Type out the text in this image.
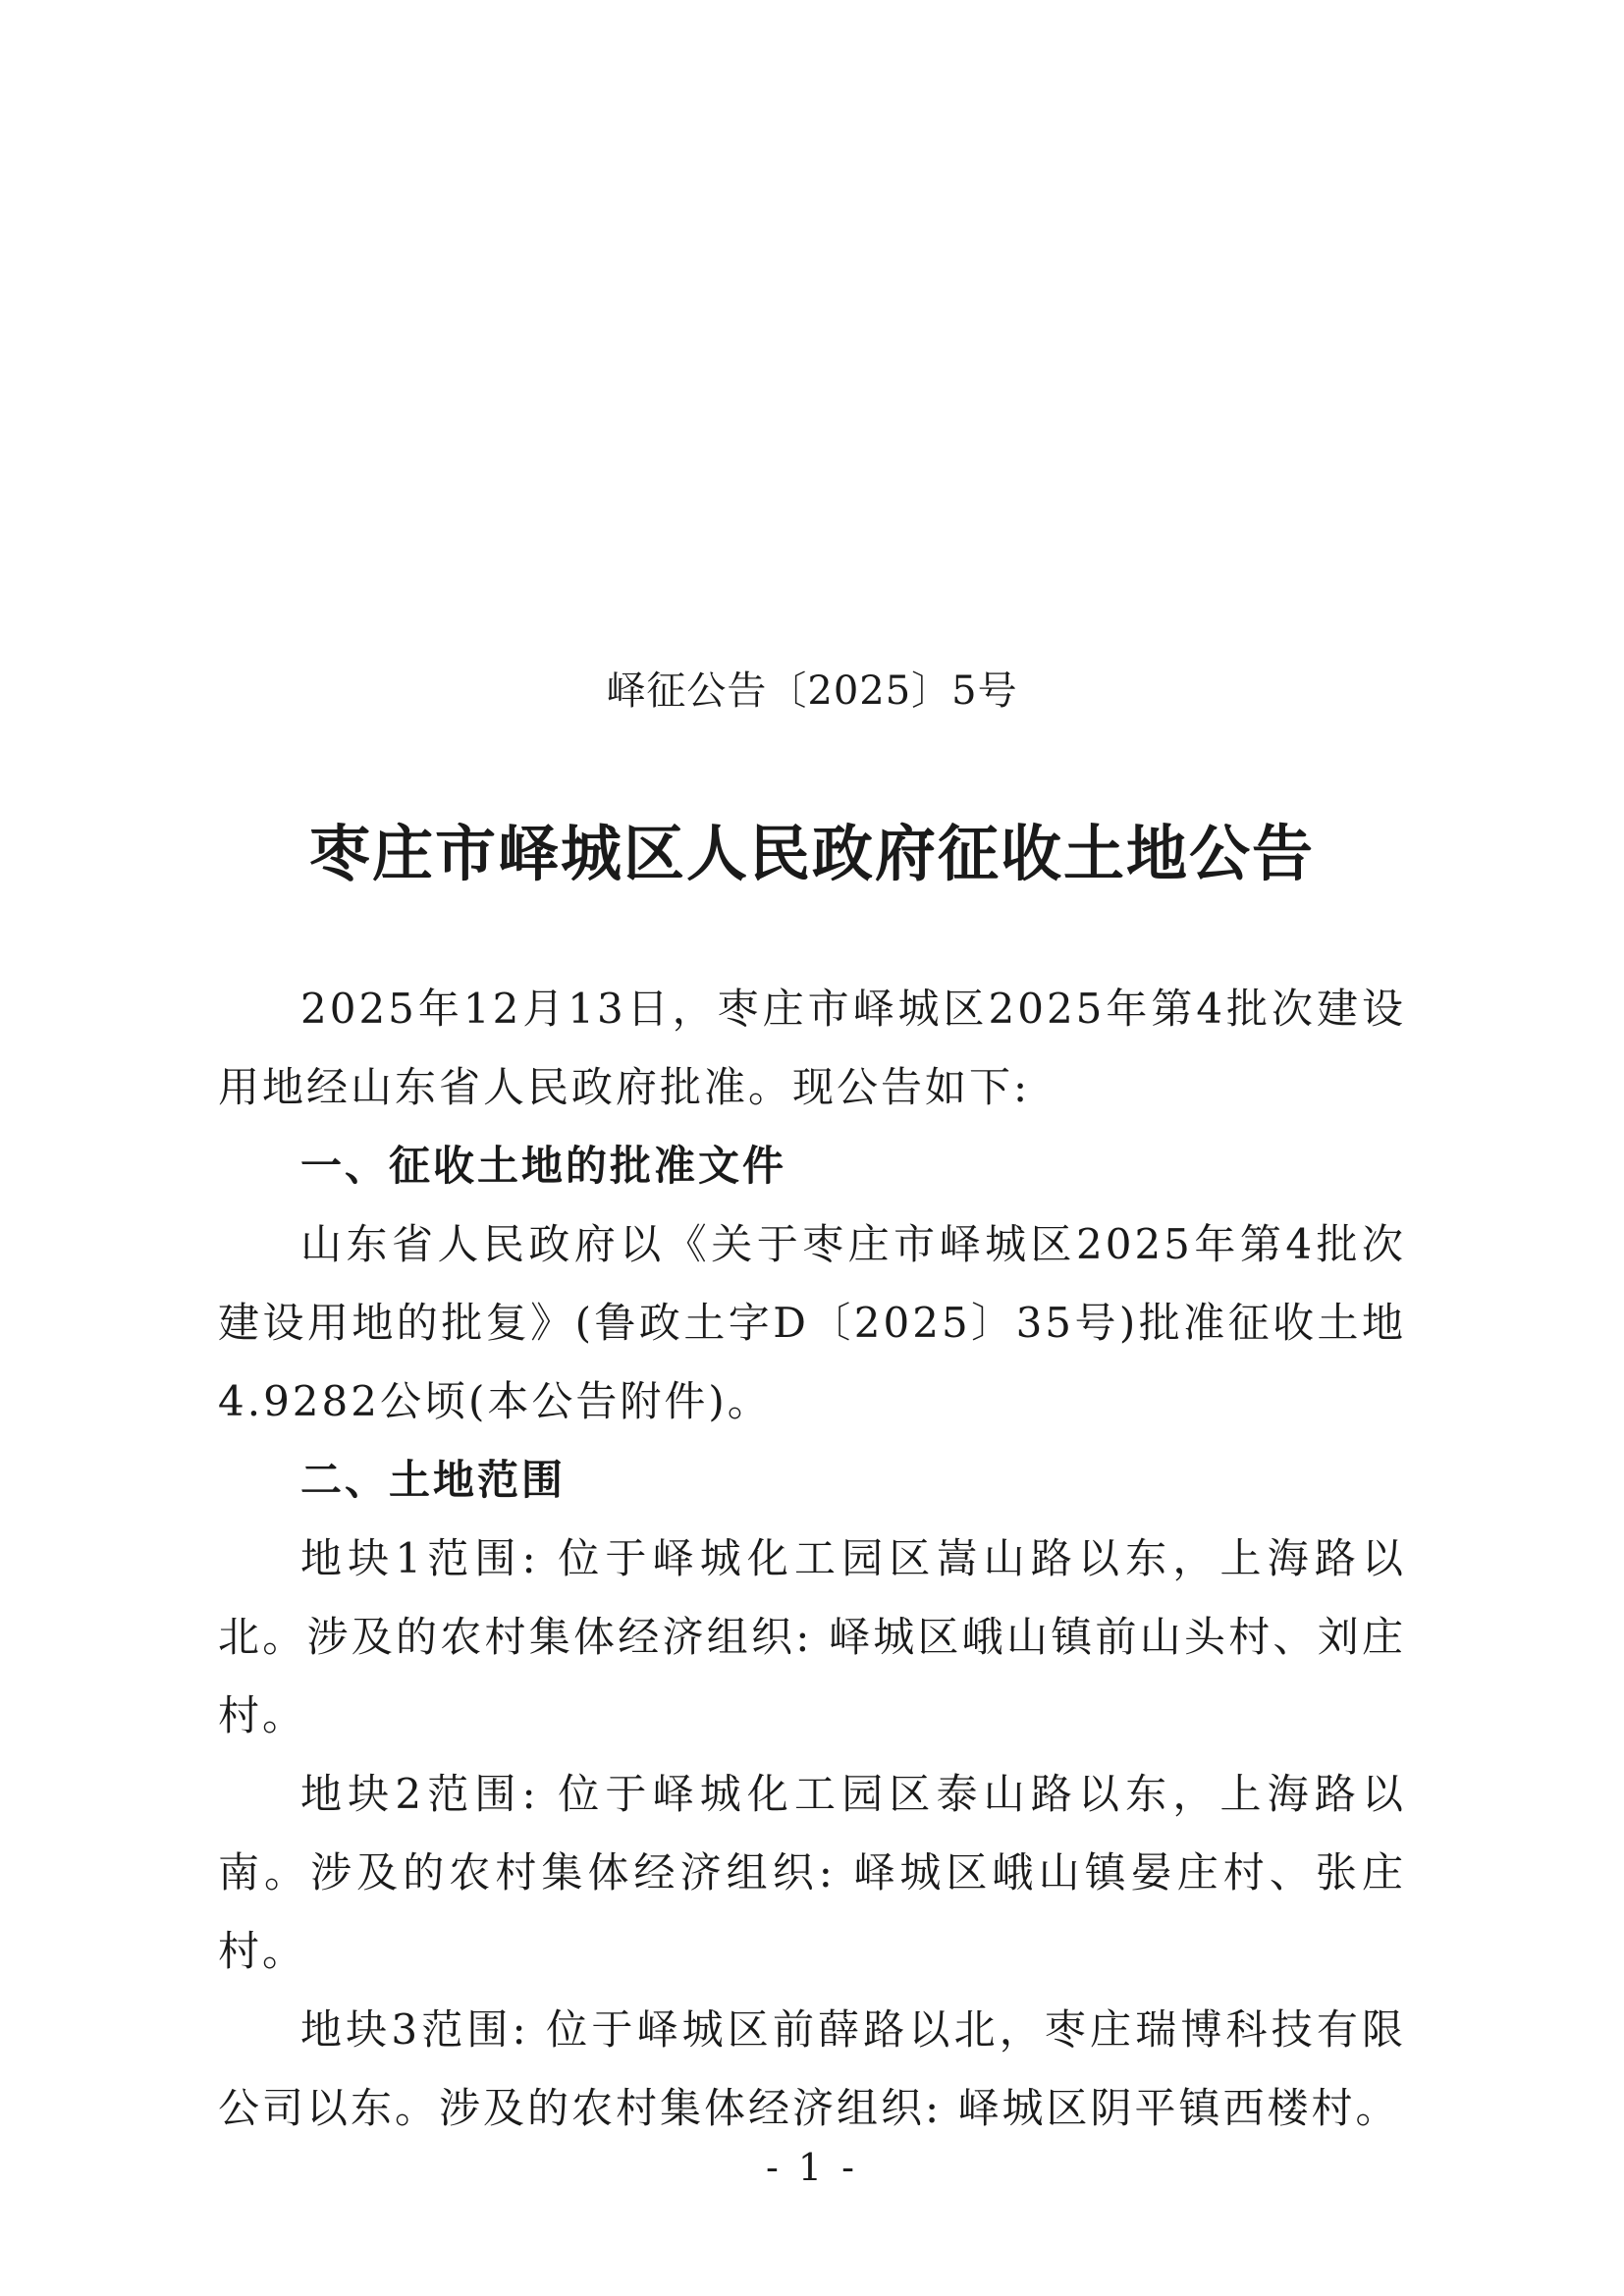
峄征公告〔2025〕5号
枣庄市峄城区人民政府征收土地公告

2025年12月13日，枣庄市峄城区2025年第4批次建设用地经山东省人民政府批准。现公告如下:

一、征收土地的批准文件

山东省人民政府以《关于枣庄市峄城区2025年第4批次建设用地的批复》(鲁政土字D〔2025〕35号)批准征收土地4.9282公顷(本公告附件)。

二、土地范围

地块1范围: 位于峄城化工园区嵩山路以东，上海路以北。涉及的农村集体经济组织: 峄城区峨山镇前山头村、刘庄村。

地块2范围: 位于峄城化工园区泰山路以东，上海路以南。涉及的农村集体经济组织: 峄城区峨山镇晏庄村、张庄村。

地块3范围: 位于峄城区前薛路以北，枣庄瑞博科技有限公司以东。涉及的农村集体经济组织: 峄城区阴平镇西楼村。

- 1 -
